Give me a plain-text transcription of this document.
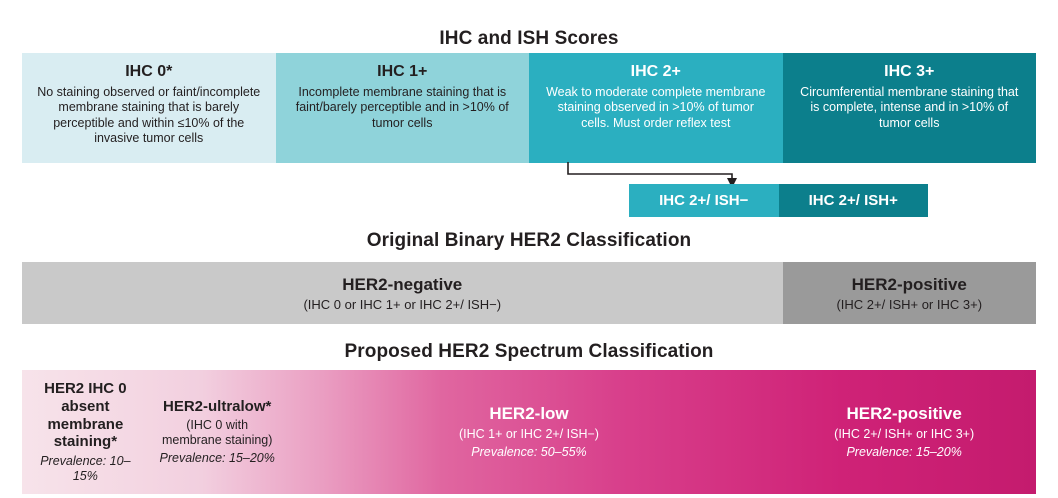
IHC and ISH Scores
IHC 0*
No staining observed or faint/incomplete membrane staining that is barely perceptible and within ≤10% of the invasive tumor cells
IHC 1+
Incomplete membrane staining that is faint/barely perceptible and in >10% of tumor cells
IHC 2+
Weak to moderate complete membrane staining observed in >10% of tumor cells. Must order reflex test
IHC 3+
Circumferential membrane staining that is complete, intense and in >10% of tumor cells
IHC 2+/ ISH−	IHC 2+/ ISH+
Original Binary HER2 Classification
HER2-negative
(IHC 0 or IHC 1+ or IHC 2+/ ISH−)
HER2-positive
(IHC 2+/ ISH+ or IHC 3+)
Proposed HER2 Spectrum Classification
HER2 IHC 0 absent membrane staining*
Prevalence: 10–15%
HER2-ultralow*
(IHC 0 with membrane staining)
Prevalence: 15–20%
HER2-low
(IHC 1+ or IHC 2+/ ISH−)
Prevalence: 50–55%
HER2-positive
(IHC 2+/ ISH+ or IHC 3+)
Prevalence: 15–20%
